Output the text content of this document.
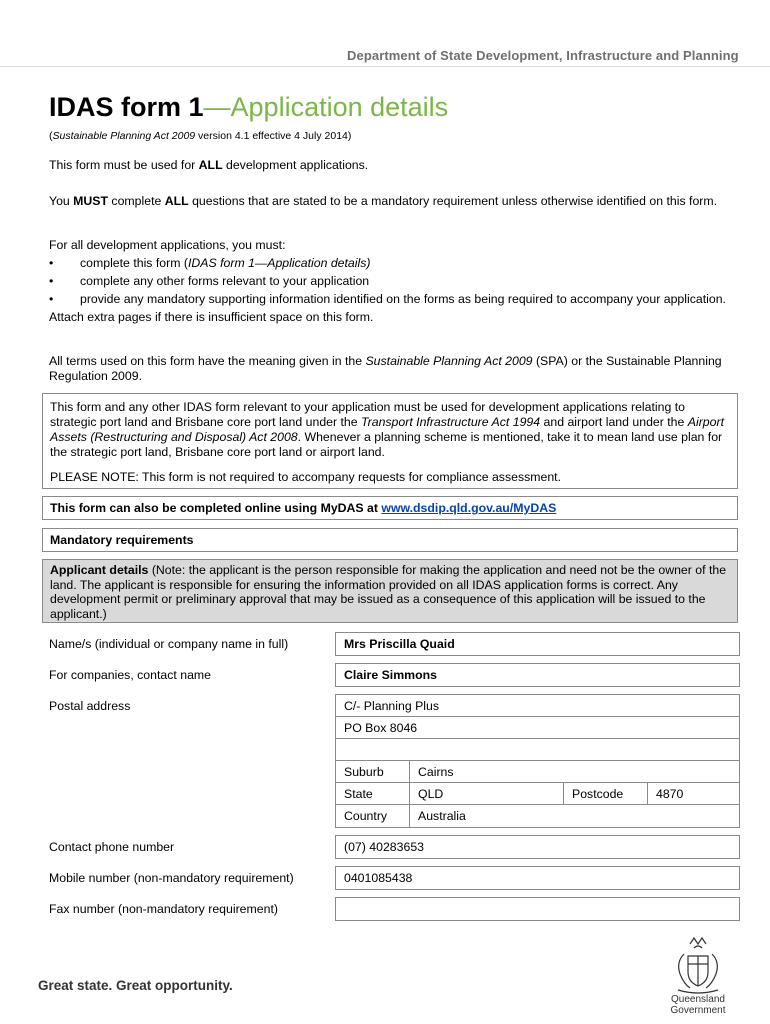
Department of State Development, Infrastructure and Planning
IDAS form 1—Application details
(Sustainable Planning Act 2009 version 4.1 effective 4 July 2014)
This form must be used for ALL development applications.
You MUST complete ALL questions that are stated to be a mandatory requirement unless otherwise identified on this form.
For all development applications, you must:
• complete this form (IDAS form 1—Application details)
• complete any other forms relevant to your application
• provide any mandatory supporting information identified on the forms as being required to accompany your application.
Attach extra pages if there is insufficient space on this form.
All terms used on this form have the meaning given in the Sustainable Planning Act 2009 (SPA) or the Sustainable Planning Regulation 2009.
This form and any other IDAS form relevant to your application must be used for development applications relating to strategic port land and Brisbane core port land under the Transport Infrastructure Act 1994 and airport land under the Airport Assets (Restructuring and Disposal) Act 2008. Whenever a planning scheme is mentioned, take it to mean land use plan for the strategic port land, Brisbane core port land or airport land.
PLEASE NOTE: This form is not required to accompany requests for compliance assessment.
This form can also be completed online using MyDAS at www.dsdip.qld.gov.au/MyDAS
Mandatory requirements
Applicant details (Note: the applicant is the person responsible for making the application and need not be the owner of the land. The applicant is responsible for ensuring the information provided on all IDAS application forms is correct. Any development permit or preliminary approval that may be issued as a consequence of this application will be issued to the applicant.)
Name/s (individual or company name in full)	Mrs Priscilla Quaid
For companies, contact name	Claire Simmons
Postal address	C/- Planning Plus
PO Box 8046
Suburb	Cairns
State	QLD	Postcode	4870
Country	Australia
Contact phone number	(07) 40283653
Mobile number (non-mandatory requirement)	0401085438
Fax number (non-mandatory requirement)
Great state. Great opportunity.
Queensland
Government
